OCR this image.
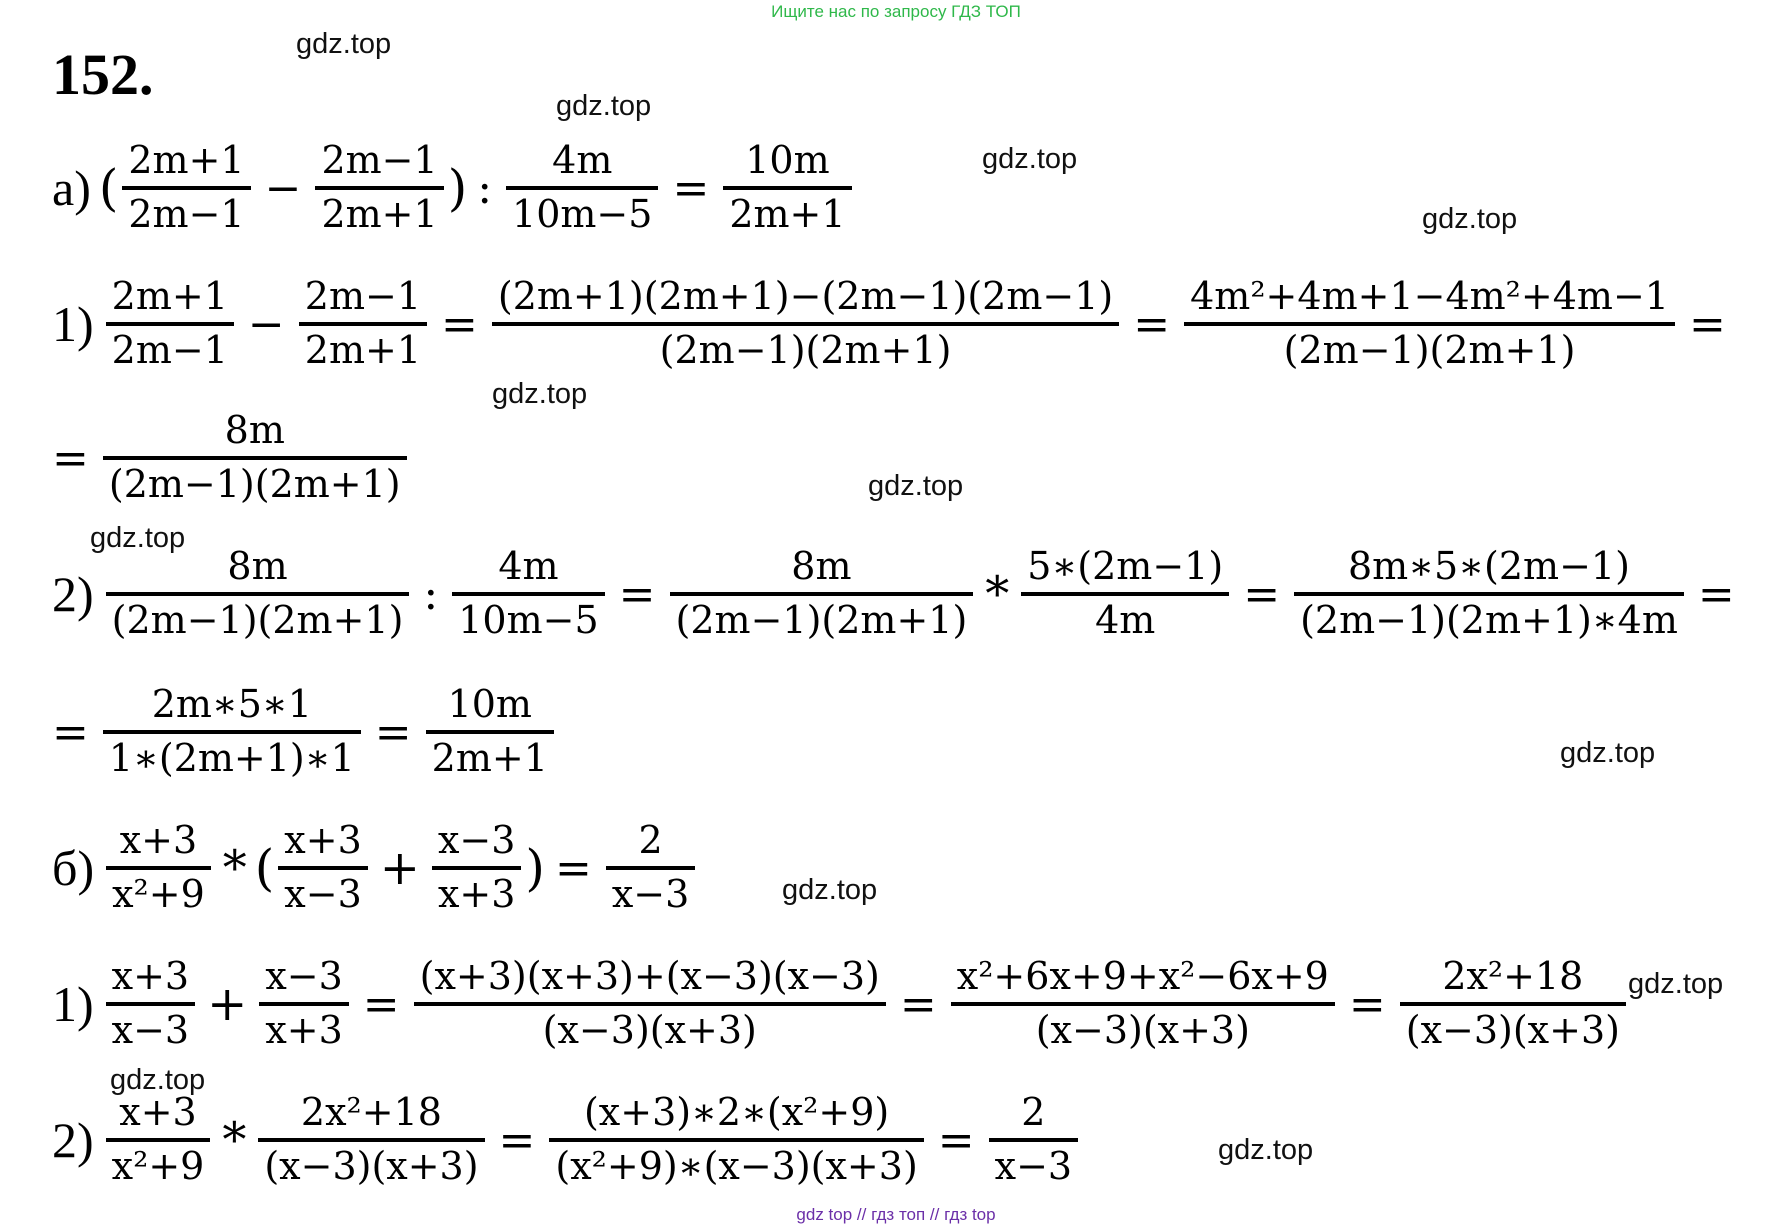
Ищите нас по запросу ГДЗ ТОП
152.	gdz.top
gdz.top
gdz.top
gdz.top
gdz.top
gdz.top
gdz.top
gdz.top
gdz.top
gdz.top
gdz.top
gdz.top
а) ( $\frac{2m+1}{2m-1} - \frac{2m-1}{2m+1}$ ) : $\frac{4m}{10m-5} = \frac{10m}{2m+1}$
$1) \frac{2m+1}{2m-1} - \frac{2m-1}{2m+1} = \frac{(2m+1)(2m+1)-(2m-1)(2m-1)}{(2m-1)(2m+1)} = \frac{\text{4m²+4m+1−4m²+4m−1}}{(2m-1)(2m+1)}$ =
= $\frac{8m}{(2m-1)(2m+1)}$
$2) \frac{8m}{(2m-1)(2m+1)}$ : $\frac{4m}{10m-5} = \frac{8m}{(2m-1)(2m+1)} * \frac{5∗(2m-1)}{4m} = \frac{8m∗5∗(2m-1)}{(2m-1)(2m+1)∗4m}$ =
= $\frac{2m∗5∗1}{1∗(2m+1)∗1} = \frac{10m}{2m+1}$
$б) \frac{x+3}{\text{x²+9}}$ * ( $\frac{x+3}{x-3} + \frac{x-3}{x+3}$ ) = $\frac{2}{x-3}$
$1) \frac{x+3}{x-3} + \frac{x-3}{x+3} = \frac{(x+3)(x+3)+(x-3)(x-3)}{(x-3)(x+3)} = \frac{\text{x²+6x+9+x²−6x+9}}{(x-3)(x+3)} = \frac{\text{2x²+18}}{(x-3)(x+3)}$
$2) \frac{x+3}{\text{x²+9}} * \frac{\text{2x²+18}}{(x-3)(x+3)} = \frac{\text{(x+3)∗2∗(x²+9)}}{\text{(x²+9)∗(x−3)(x+3)}} = \frac{2}{x-3}$
gdz top // гдз топ // гдз top
